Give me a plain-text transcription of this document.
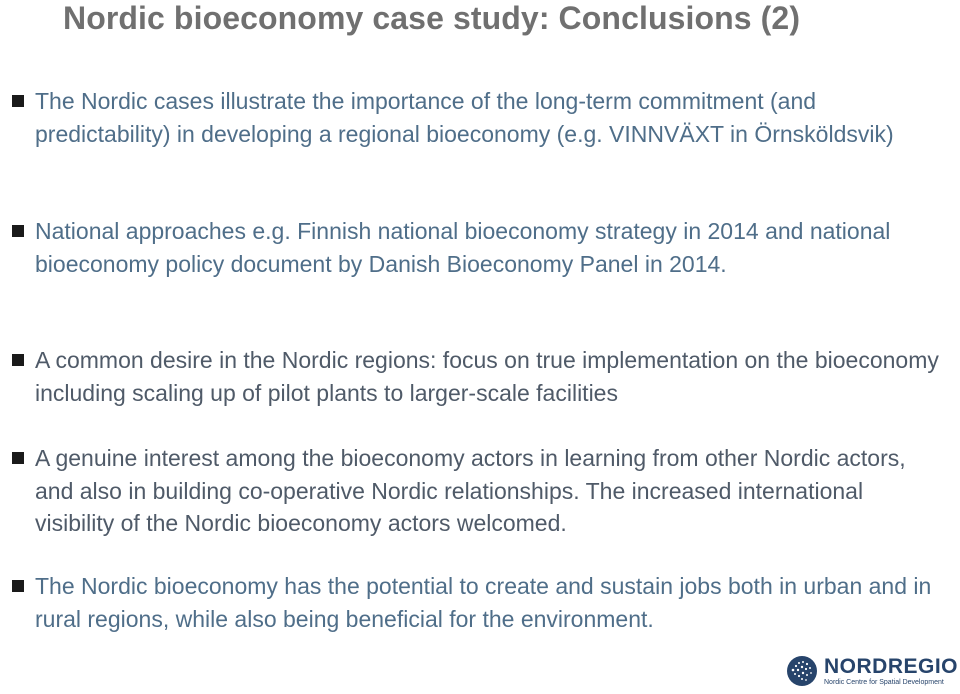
Nordic bioeconomy case study: Conclusions (2)

The Nordic cases illustrate the importance of the long-term commitment (and predictability) in developing a regional bioeconomy (e.g. VINNVÄXT in Örnsköldsvik)

National approaches e.g. Finnish national bioeconomy strategy in 2014 and national bioeconomy policy document by Danish Bioeconomy Panel in 2014.

A common desire in the Nordic regions: focus on true implementation on the bioeconomy including scaling up of pilot plants to larger-scale facilities

A genuine interest among the bioeconomy actors in learning from other Nordic actors, and also in building co-operative Nordic relationships. The increased international visibility of the Nordic bioeconomy actors welcomed.

The Nordic bioeconomy has the potential to create and sustain jobs both in urban and in rural regions, while also being beneficial for the environment.

NORDREGIO
Nordic Centre for Spatial Development
